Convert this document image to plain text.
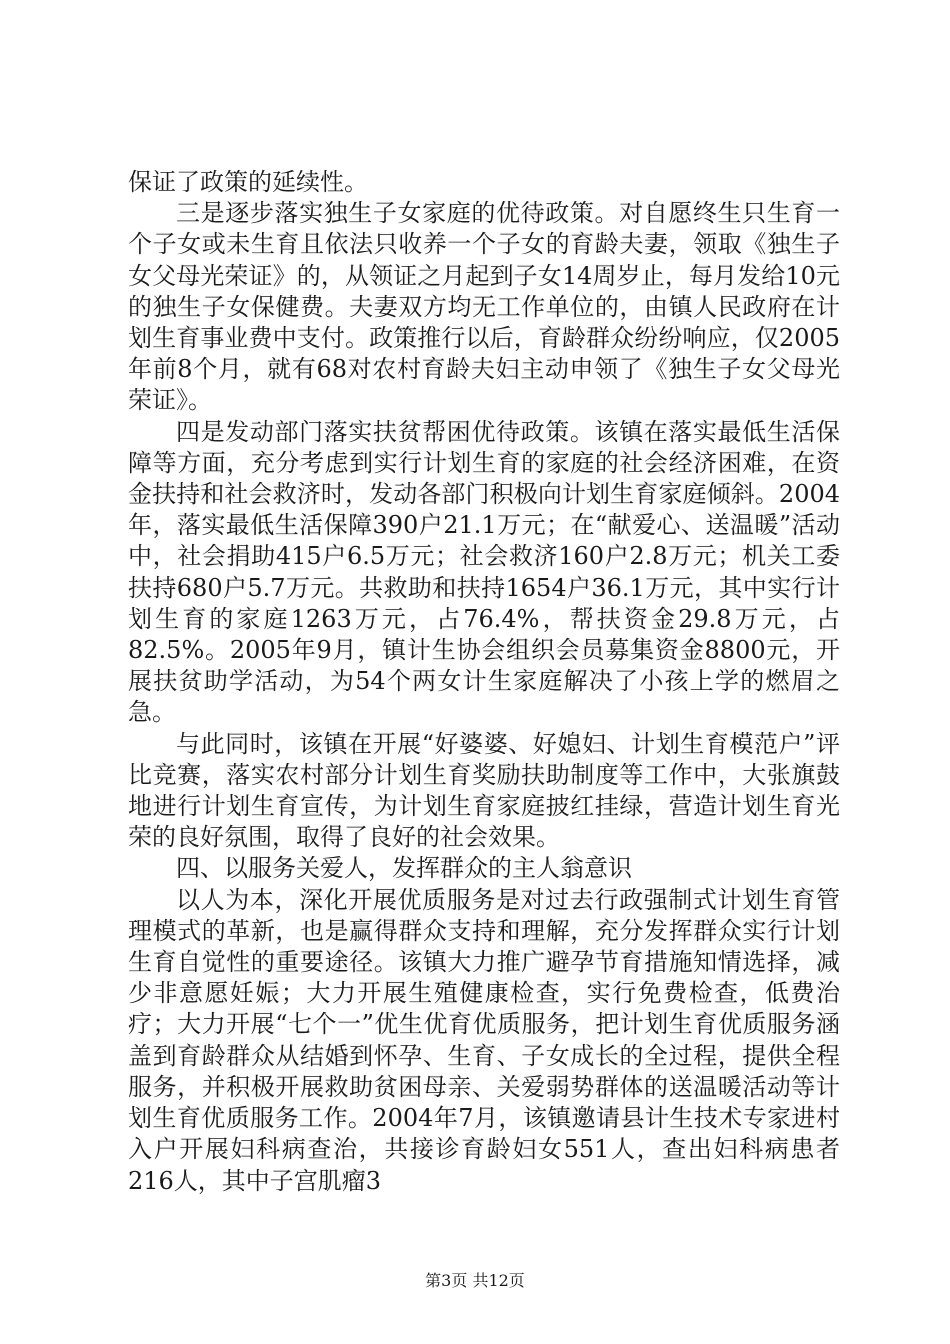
保证了政策的延续性。

三是逐步落实独生子女家庭的优待政策。对自愿终生只生育一个子女或未生育且依法只收养一个子女的育龄夫妻，领取《独生子女父母光荣证》的，从领证之月起到子女14周岁止，每月发给10元的独生子女保健费。夫妻双方均无工作单位的，由镇人民政府在计划生育事业费中支付。政策推行以后，育龄群众纷纷响应，仅2005年前8个月，就有68对农村育龄夫妇主动申领了《独生子女父母光荣证》。

四是发动部门落实扶贫帮困优待政策。该镇在落实最低生活保障等方面，充分考虑到实行计划生育的家庭的社会经济困难，在资金扶持和社会救济时，发动各部门积极向计划生育家庭倾斜。2004年，落实最低生活保障390户21.1万元；在“献爱心、送温暖”活动中，社会捐助415户6.5万元；社会救济160户2.8万元；机关工委扶持680户5.7万元。共救助和扶持1654户36.1万元，其中实行计划生育的家庭1263万元，占76.4%，帮扶资金29.8万元，占82.5%。2005年9月，镇计生协会组织会员募集资金8800元，开展扶贫助学活动，为54个两女计生家庭解决了小孩上学的燃眉之急。

与此同时，该镇在开展“好婆婆、好媳妇、计划生育模范户”评比竞赛，落实农村部分计划生育奖励扶助制度等工作中，大张旗鼓地进行计划生育宣传，为计划生育家庭披红挂绿，营造计划生育光荣的良好氛围，取得了良好的社会效果。

四、以服务关爱人，发挥群众的主人翁意识

以人为本，深化开展优质服务是对过去行政强制式计划生育管理模式的革新，也是赢得群众支持和理解，充分发挥群众实行计划生育自觉性的重要途径。该镇大力推广避孕节育措施知情选择，减少非意愿妊娠；大力开展生殖健康检查，实行免费检查，低费治疗；大力开展“七个一”优生优育优质服务，把计划生育优质服务涵盖到育龄群众从结婚到怀孕、生育、子女成长的全过程，提供全程服务，并积极开展救助贫困母亲、关爱弱势群体的送温暖活动等计划生育优质服务工作。2004年7月，该镇邀请县计生技术专家进村入户开展妇科病查治，共接诊育龄妇女551人，查出妇科病患者216人，其中子宫肌瘤3

第3页 共12页
